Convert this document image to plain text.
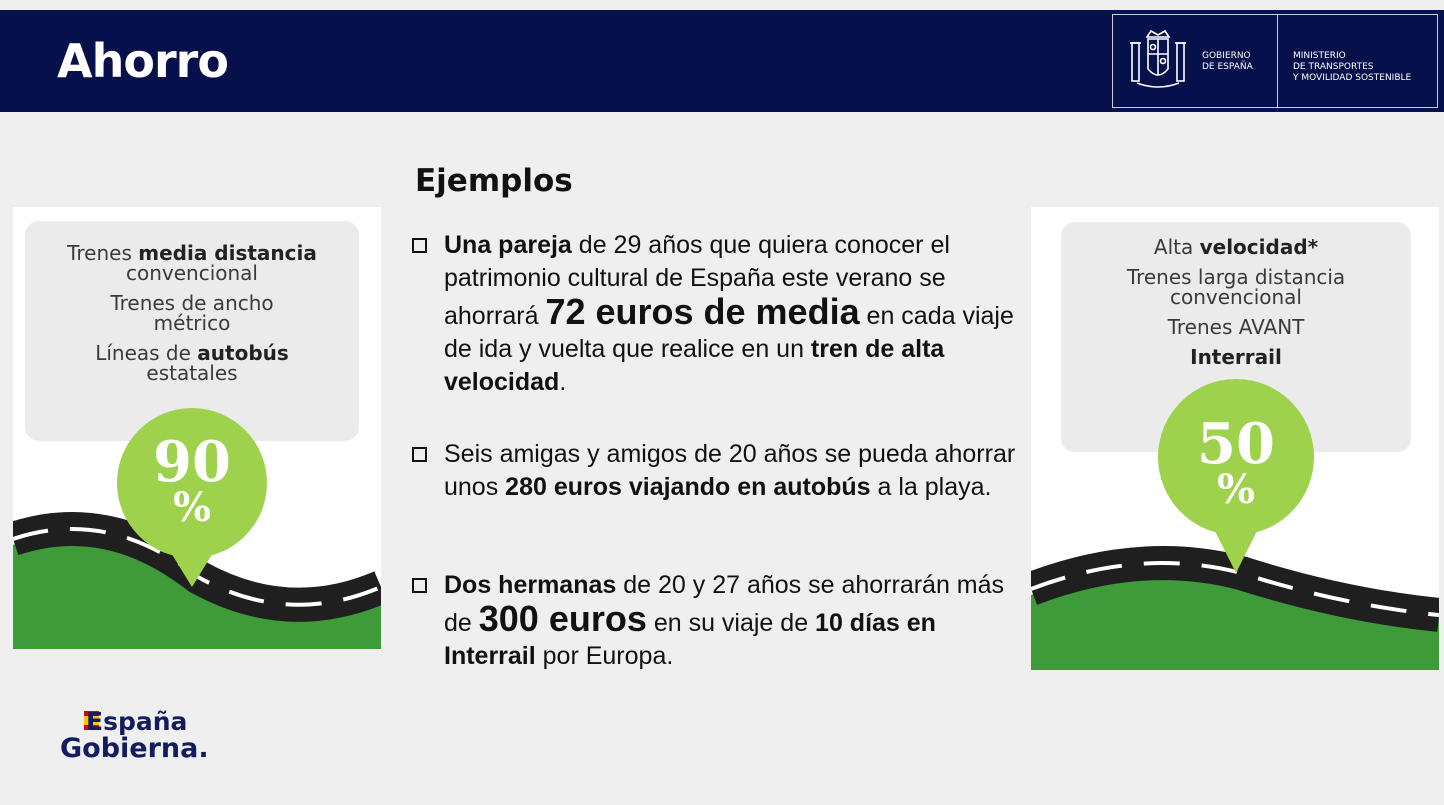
Ahorro	GOBIERNO
DE ESPAÑA
MINISTERIO
DE TRANSPORTES
Y MOVILIDAD SOSTENIBLE
Trenes media distancia convencional
Trenes de ancho métrico
Líneas de autobús estatales
90
%
Ejemplos
Una pareja de 29 años que quiera conocer el patrimonio cultural de España este verano se ahorrará 72 euros de media en cada viaje de ida y vuelta que realice en un tren de alta velocidad.
Seis amigas y amigos de 20 años se pueda ahorrar unos 280 euros viajando en autobús a la playa.
Dos hermanas de 20 y 27 años se ahorrarán más de 300 euros en su viaje de 10 días en Interrail por Europa.
Alta velocidad*
Trenes larga distancia convencional
Trenes AVANT
Interrail
50
%
España
Gobierna.
